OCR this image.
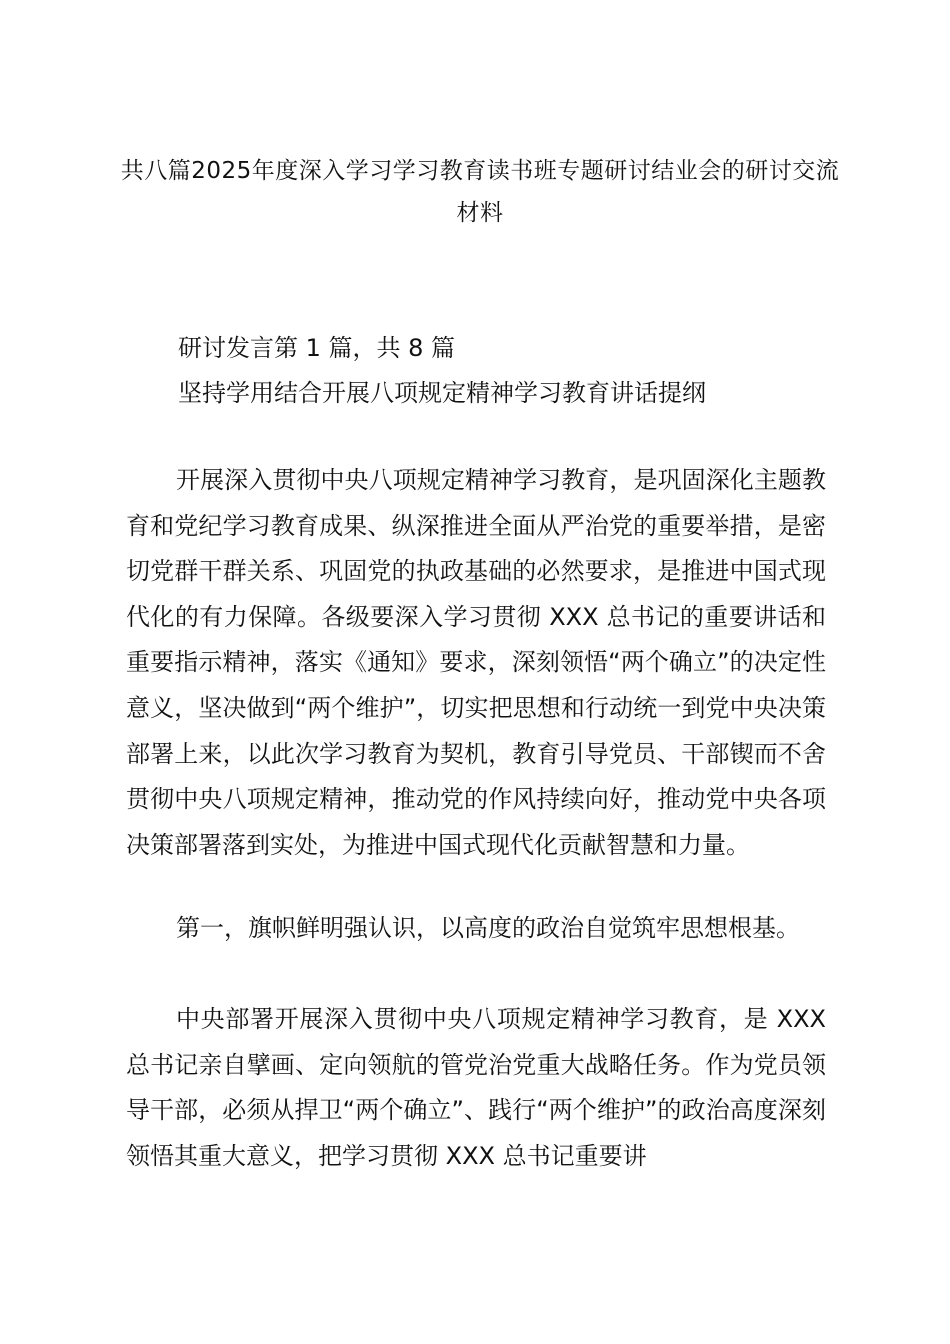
共八篇2025年度深入学习学习教育读书班专题研讨结业会的研讨交流材料
研讨发言第 1 篇，共 8 篇
坚持学用结合开展八项规定精神学习教育讲话提纲

开展深入贯彻中央八项规定精神学习教育，是巩固深化主题教育和党纪学习教育成果、纵深推进全面从严治党的重要举措，是密切党群干群关系、巩固党的执政基础的必然要求，是推进中国式现代化的有力保障。各级要深入学习贯彻 XXX 总书记的重要讲话和重要指示精神，落实《通知》要求，深刻领悟“两个确立”的决定性意义，坚决做到“两个维护”，切实把思想和行动统一到党中央决策部署上来，以此次学习教育为契机，教育引导党员、干部锲而不舍贯彻中央八项规定精神，推动党的作风持续向好，推动党中央各项决策部署落到实处，为推进中国式现代化贡献智慧和力量。

第一，旗帜鲜明强认识，以高度的政治自觉筑牢思想根基。

中央部署开展深入贯彻中央八项规定精神学习教育，是 XXX 总书记亲自擘画、定向领航的管党治党重大战略任务。作为党员领导干部，必须从捍卫“两个确立”、践行“两个维护”的政治高度深刻领悟其重大意义，把学习贯彻 XXX 总书记重要讲
